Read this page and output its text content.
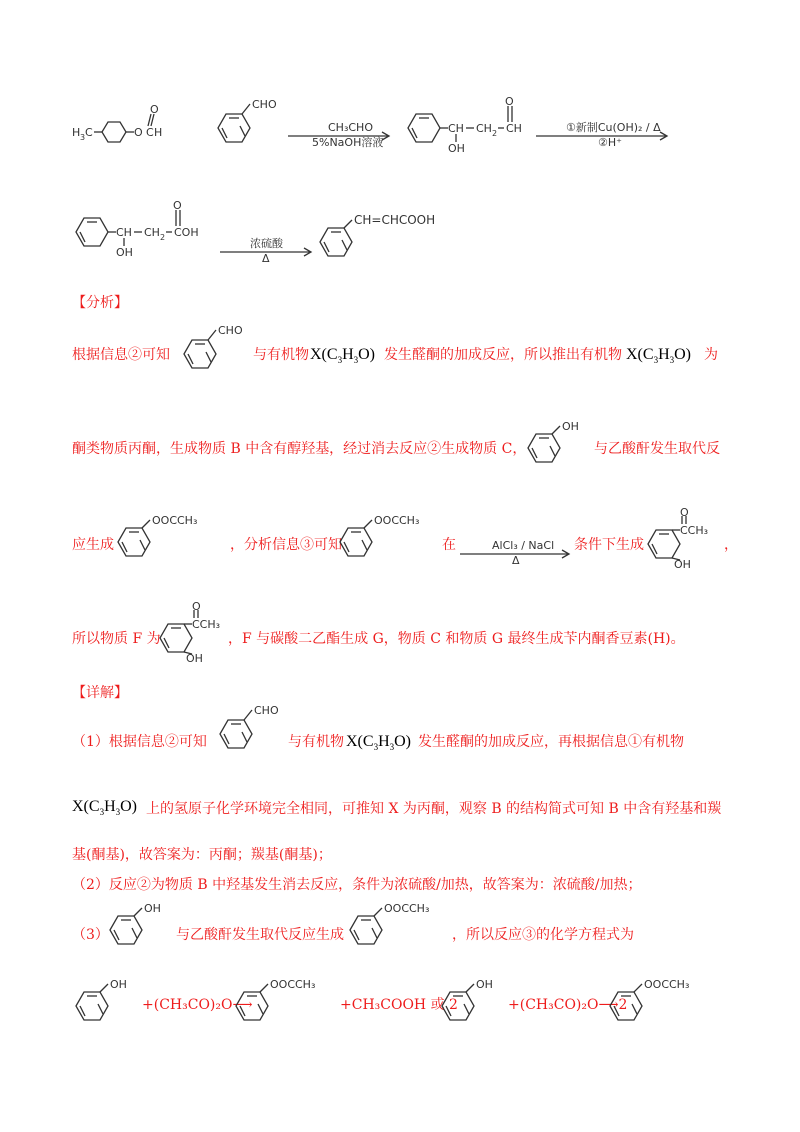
H 3 C	O C H
O	CHO
CH₃CHO
5%NaOH溶液
CH CH 2 CH
O
OH
①新制Cu(OH)₂ / Δ
②H⁺
CH CH 2 COH
O
OH
浓硫酸
Δ
CH=CHCOOH
【分析】
根据信息②可知
CHO
与有机物 $X(C_3H_3O)$ 发生醛酮的加成反应，所以推出有机物 $X(C_3H_3O)$ 为
酮类物质丙酮，生成物质 B 中含有醇羟基，经过消去反应②生成物质 C，
OH
与乙酸酐发生取代反
应生成
OOCCH₃
，分析信息③可知
OOCCH₃
在	AlCl₃ / NaCl
Δ
条件下生成
CCH₃
O
OH
，
所以物质 F 为
CCH₃
O
OH
，F 与碳酸二乙酯生成 G，物质 C 和物质 G 最终生成苄内酮香豆素(H)。
【详解】
（1）根据信息②可知
CHO
与有机物 $X(C_3H_3O)$ 发生醛酮的加成反应，再根据信息①有机物
$X(C_3H_3O)$ 上的氢原子化学环境完全相同，可推知 X 为丙酮，观察 B 的结构简式可知 B 中含有羟基和羰
基(酮基)，故答案为：丙酮；羰基(酮基)；
（2）反应②为物质 B 中羟基发生消去反应，条件为浓硫酸/加热，故答案为：浓硫酸/加热；
（3）
OH
与乙酸酐发生取代反应生成
OOCCH₃
，所以反应③的化学方程式为
OH
+(CH₃CO)₂O⟶
OOCCH₃
+CH₃COOH 或 2
OH
+(CH₃CO)₂O⟶2
OOCCH₃
